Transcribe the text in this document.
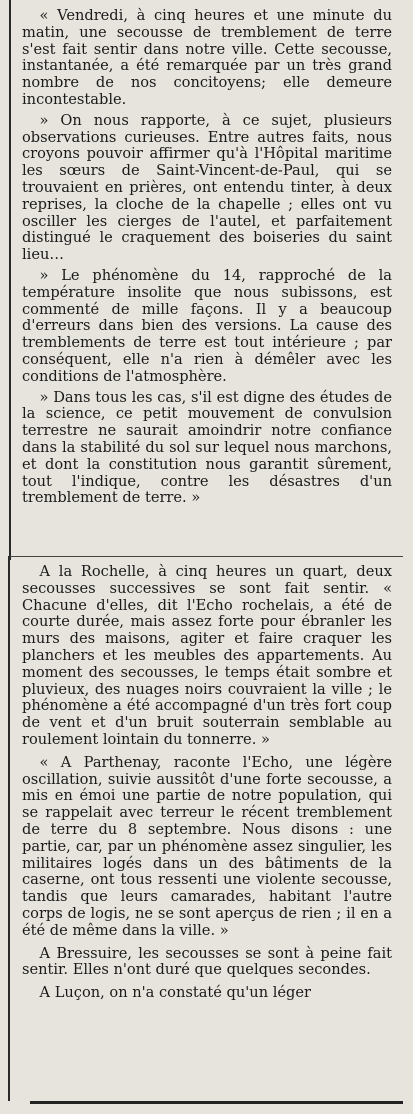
« Vendredi, à cinq heures et une minute du matin, une secousse de tremblement de terre s'est fait sentir dans notre ville. Cette secousse, instantanée, a été remarquée par un très grand nombre de nos concitoyens; elle demeure incontestable.

» On nous rapporte, à ce sujet, plusieurs observations curieuses. Entre autres faits, nous croyons pouvoir affirmer qu'à l'Hôpital maritime les sœurs de Saint-Vincent-de-Paul, qui se trouvaient en prières, ont entendu tinter, à deux reprises, la cloche de la chapelle ; elles ont vu osciller les cierges de l'autel, et parfaitement distingué le craquement des boiseries du saint lieu…

» Le phénomène du 14, rapproché de la température insolite que nous subissons, est commenté de mille façons. Il y a beaucoup d'erreurs dans bien des versions. La cause des tremblements de terre est tout intérieure ; par conséquent, elle n'a rien à démêler avec les conditions de l'atmosphère.

» Dans tous les cas, s'il est digne des études de la science, ce petit mouvement de convulsion terrestre ne saurait amoindrir notre confiance dans la stabilité du sol sur lequel nous marchons, et dont la constitution nous garantit sûrement, tout l'indique, contre les désastres d'un tremblement de terre. »

A la Rochelle, à cinq heures un quart, deux secousses successives se sont fait sentir. « Chacune d'elles, dit l'Echo rochelais, a été de courte durée, mais assez forte pour ébranler les murs des maisons, agiter et faire craquer les planchers et les meubles des appartements. Au moment des secousses, le temps était sombre et pluvieux, des nuages noirs couvraient la ville ; le phénomène a été accompagné d'un très fort coup de vent et d'un bruit souterrain semblable au roulement lointain du tonnerre. »

« A Parthenay, raconte l'Echo, une légère oscillation, suivie aussitôt d'une forte secousse, a mis en émoi une partie de notre population, qui se rappelait avec terreur le récent tremblement de terre du 8 septembre. Nous disons : une partie, car, par un phénomène assez singulier, les militaires logés dans un des bâtiments de la caserne, ont tous ressenti une violente secousse, tandis que leurs camarades, habitant l'autre corps de logis, ne se sont aperçus de rien ; il en a été de même dans la ville. »

A Bressuire, les secousses se sont à peine fait sentir. Elles n'ont duré que quelques secondes.

A Luçon, on n'a constaté qu'un léger
